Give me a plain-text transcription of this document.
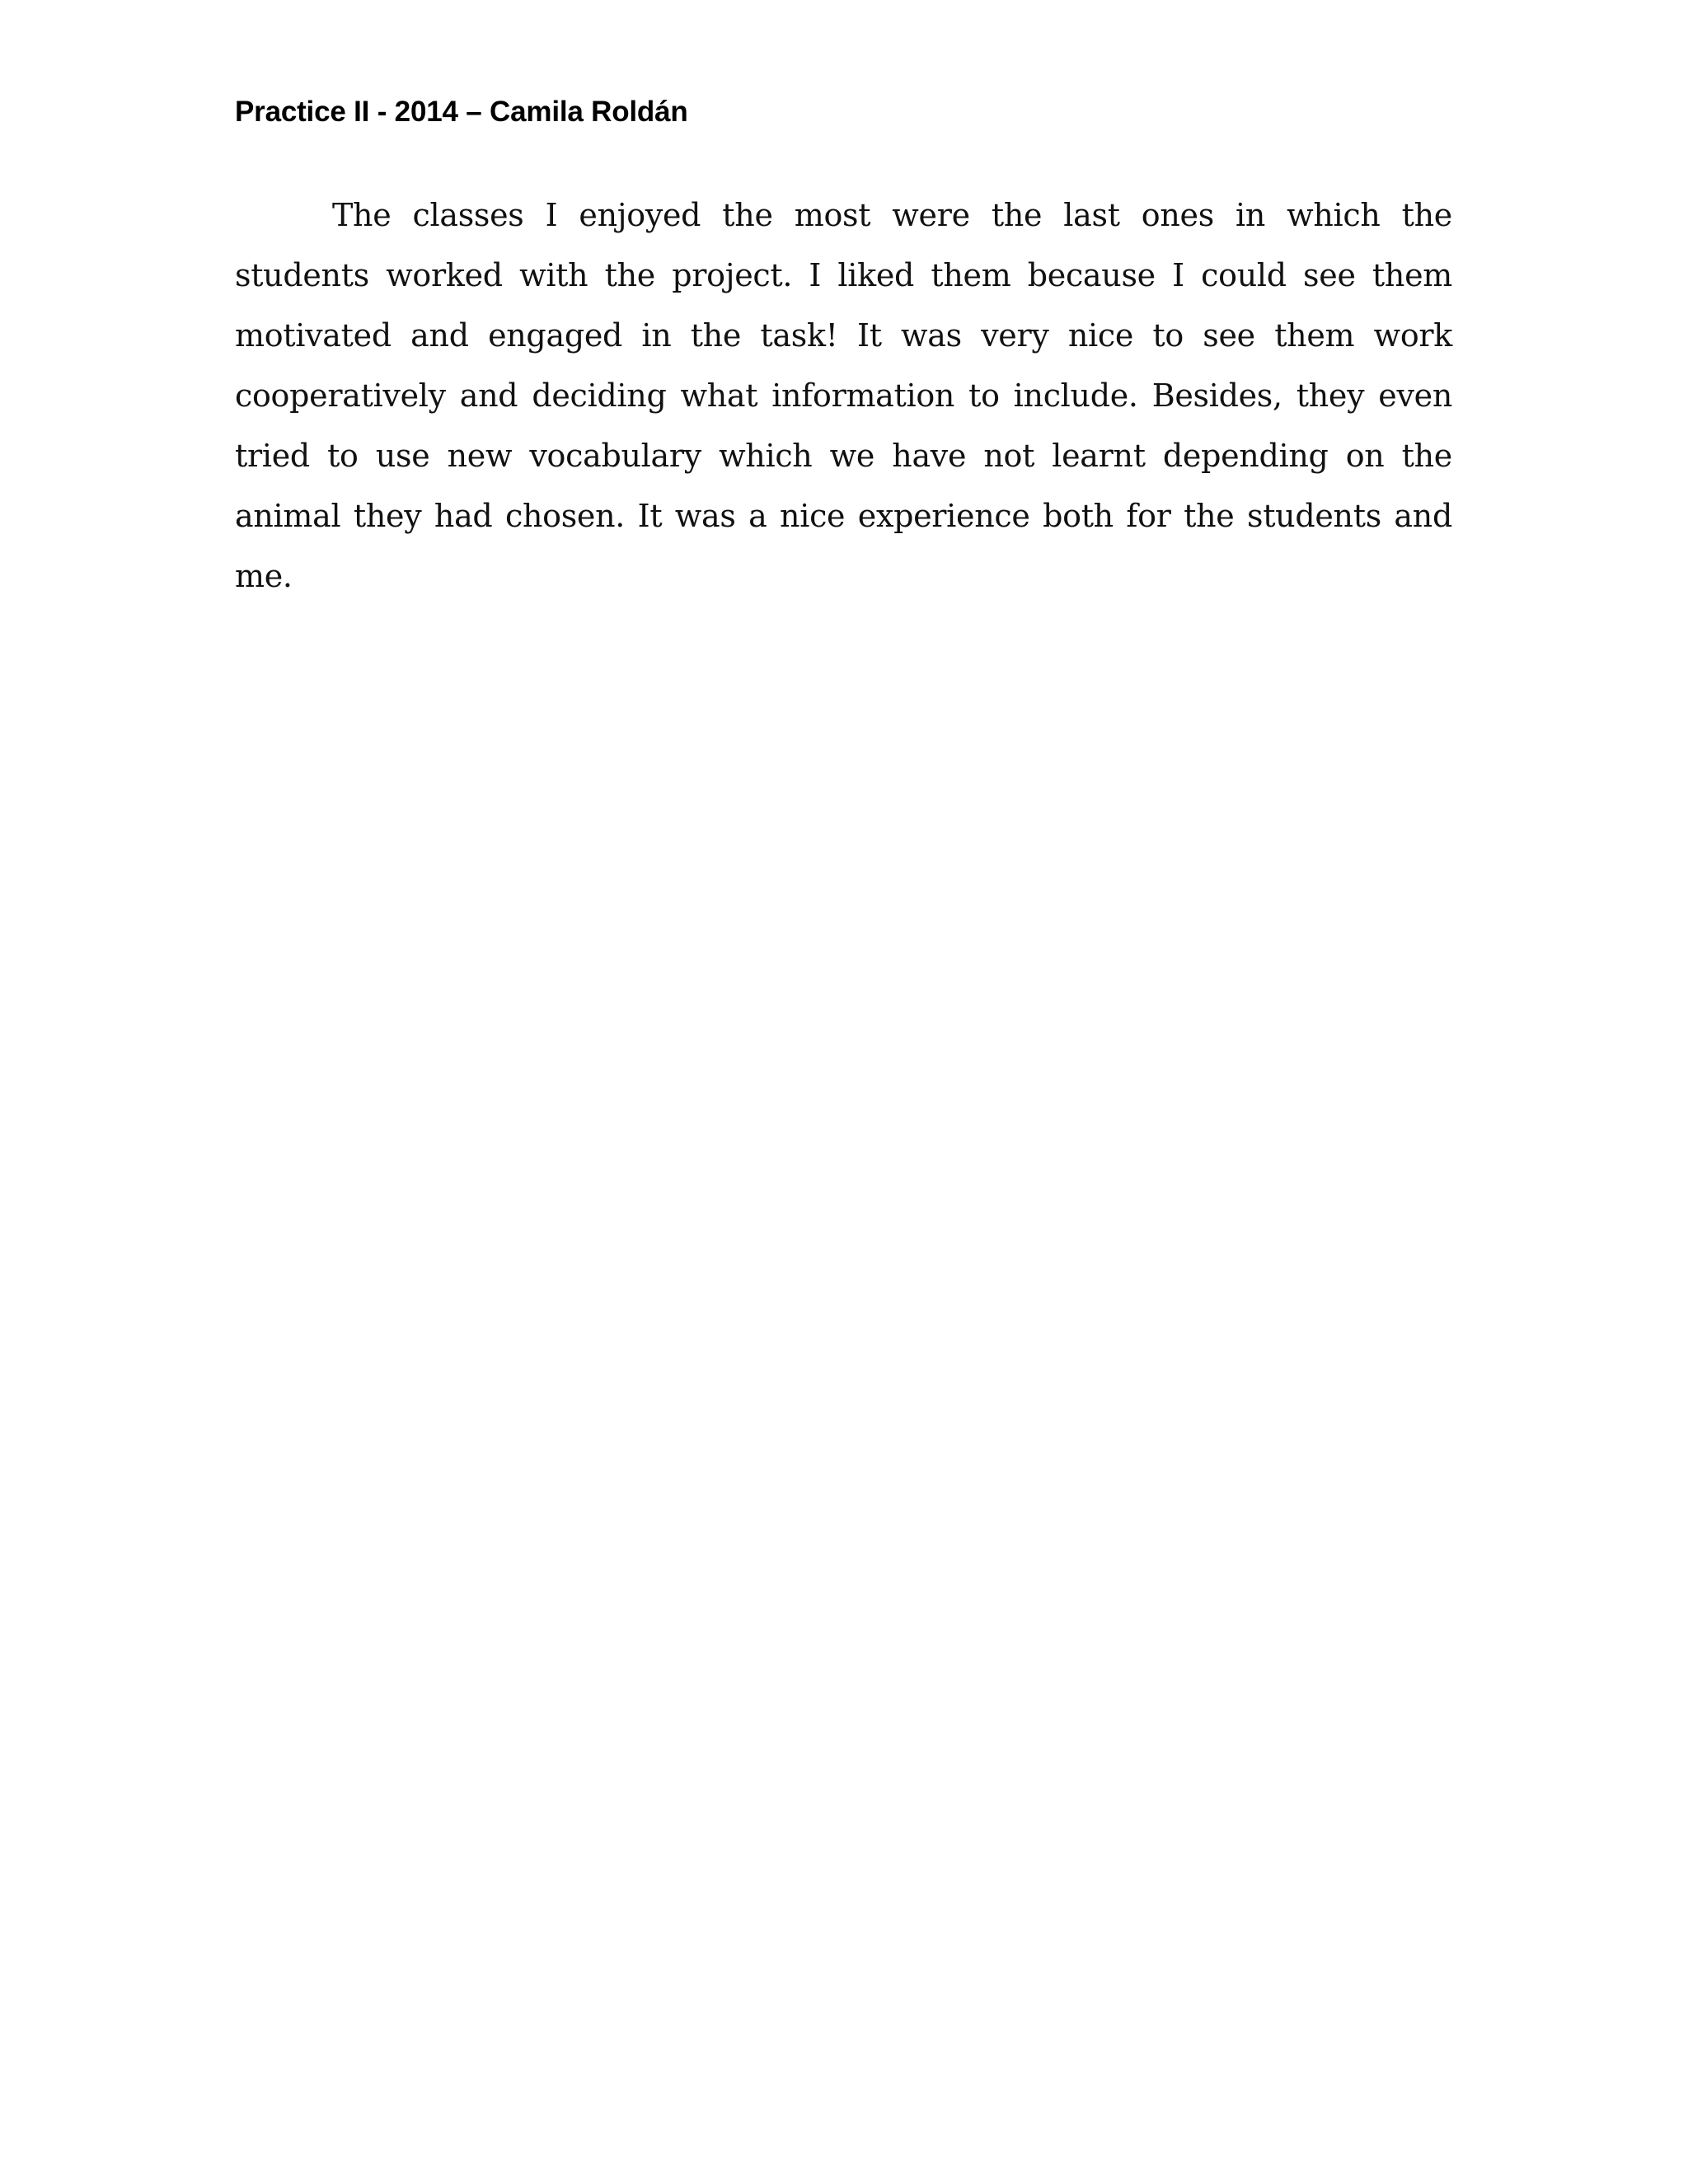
Practice II - 2014 – Camila Roldán

The classes I enjoyed the most were the last ones in which the students worked with the project. I liked them because I could see them motivated and engaged in the task! It was very nice to see them work cooperatively and deciding what information to include. Besides, they even tried to use new vocabulary which we have not learnt depending on the animal they had chosen. It was a nice experience both for the students and me.
